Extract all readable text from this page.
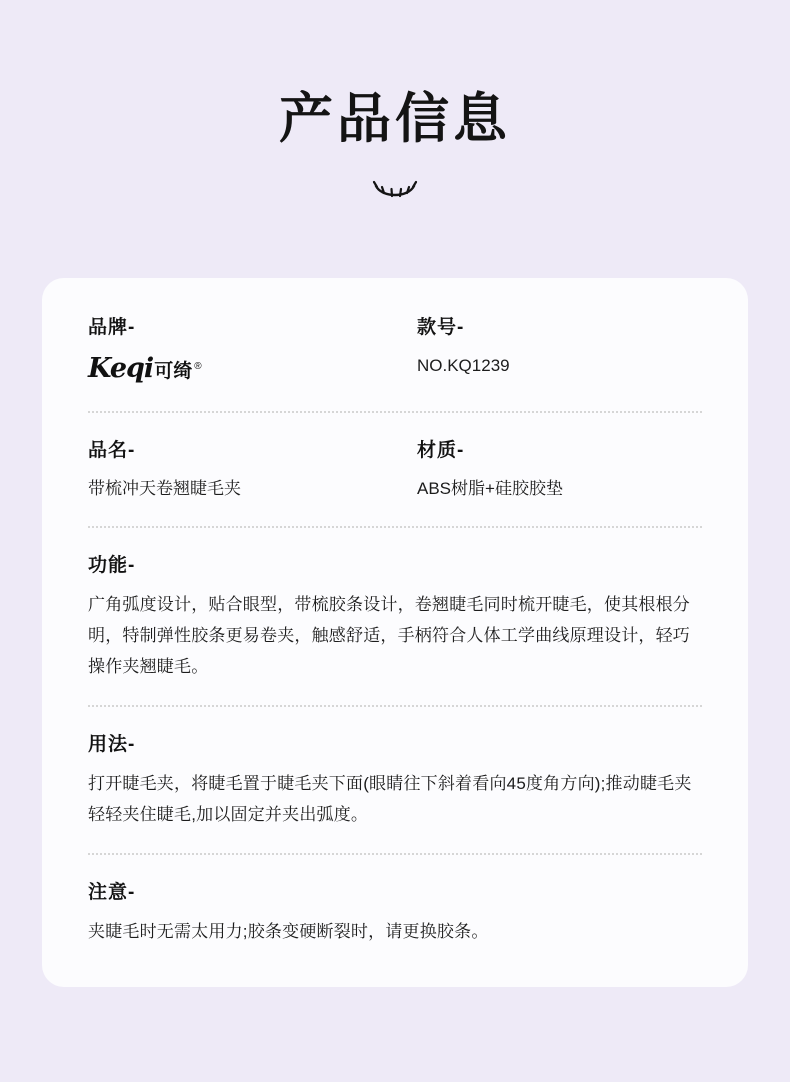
产品信息
品牌-
Keqi 可绮 ®
款号-
NO.KQ1239
品名-
带梳冲天卷翘睫毛夹
材质-
ABS树脂+硅胶胶垫
功能-
广角弧度设计，贴合眼型，带梳胶条设计，卷翘睫毛同时梳开睫毛，使其根根分明，特制弹性胶条更易卷夹，触感舒适，手柄符合人体工学曲线原理设计，轻巧操作夹翘睫毛。
用法-
打开睫毛夹，将睫毛置于睫毛夹下面(眼睛往下斜着看向45度角方向);推动睫毛夹轻轻夹住睫毛,加以固定并夹出弧度。
注意-
夹睫毛时无需太用力;胶条变硬断裂时，请更换胶条。
